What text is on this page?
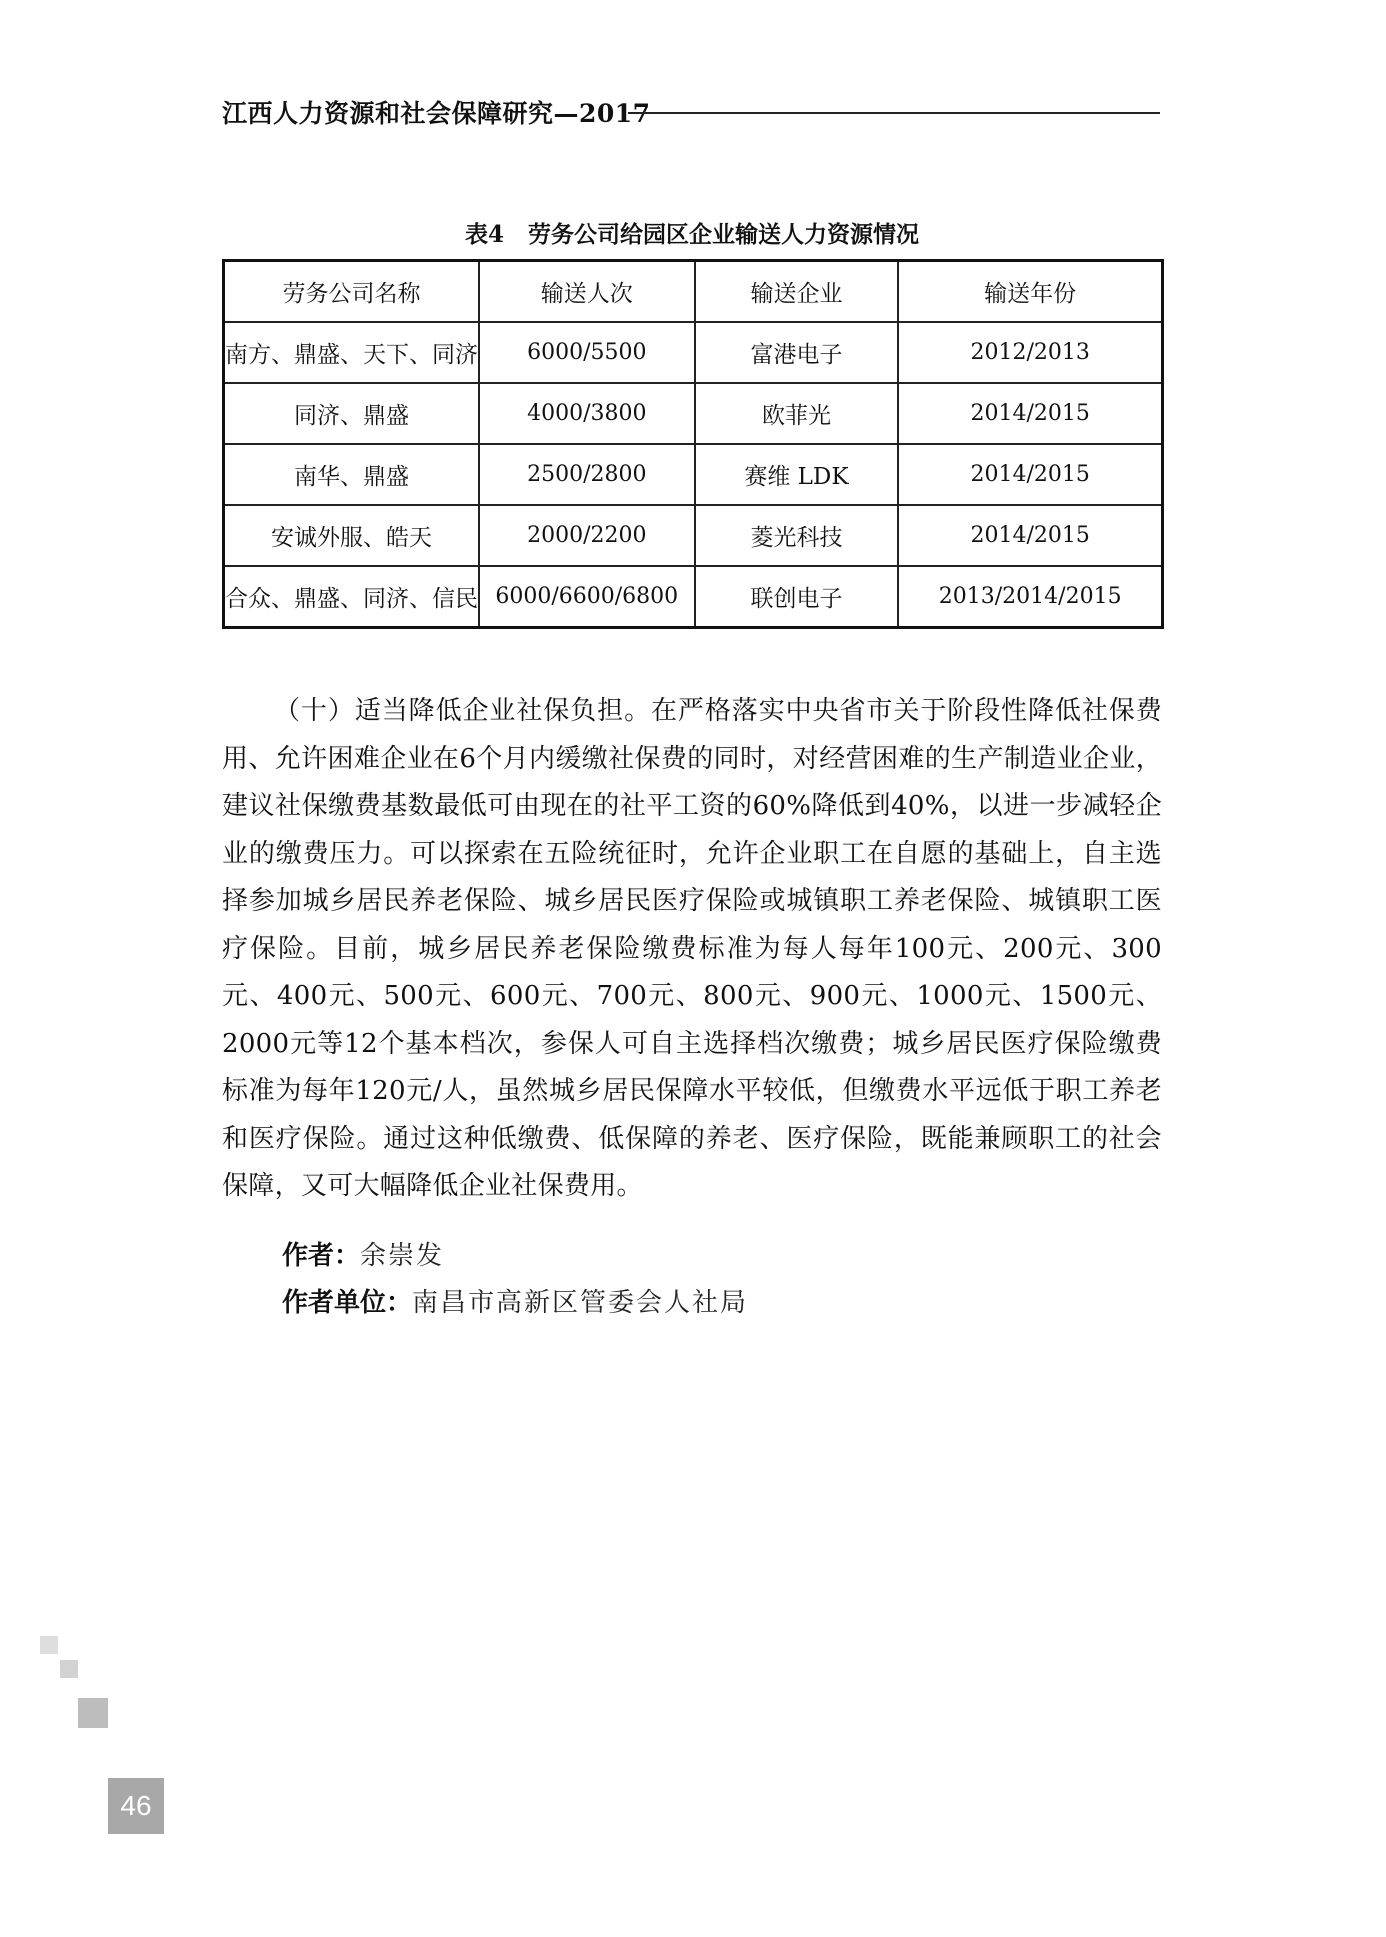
江西人力资源和社会保障研究—2017
表4 劳务公司给园区企业输送人力资源情况
劳务公司名称	输送人次	输送企业	输送年份
南方、鼎盛、天下、同济	6000/5500	富港电子	2012/2013
同济、鼎盛	4000/3800	欧菲光	2014/2015
南华、鼎盛	2500/2800	赛维 LDK	2014/2015
安诚外服、皓天	2000/2200	菱光科技	2014/2015
合众、鼎盛、同济、信民	6000/6600/6800	联创电子	2013/2014/2015

（十）适当降低企业社保负担。在严格落实中央省市关于阶段性降低社保费用、允许困难企业在6个月内缓缴社保费的同时，对经营困难的生产制造业企业，建议社保缴费基数最低可由现在的社平工资的60%降低到40%，以进一步减轻企业的缴费压力。可以探索在五险统征时，允许企业职工在自愿的基础上，自主选择参加城乡居民养老保险、城乡居民医疗保险或城镇职工养老保险、城镇职工医疗保险。目前，城乡居民养老保险缴费标准为每人每年100元、200元、300元、400元、500元、600元、700元、800元、900元、1000元、1500元、2000元等12个基本档次，参保人可自主选择档次缴费；城乡居民医疗保险缴费标准为每年120元/人，虽然城乡居民保障水平较低，但缴费水平远低于职工养老和医疗保险。通过这种低缴费、低保障的养老、医疗保险，既能兼顾职工的社会保障，又可大幅降低企业社保费用。

作者：余崇发
作者单位：南昌市高新区管委会人社局
46
